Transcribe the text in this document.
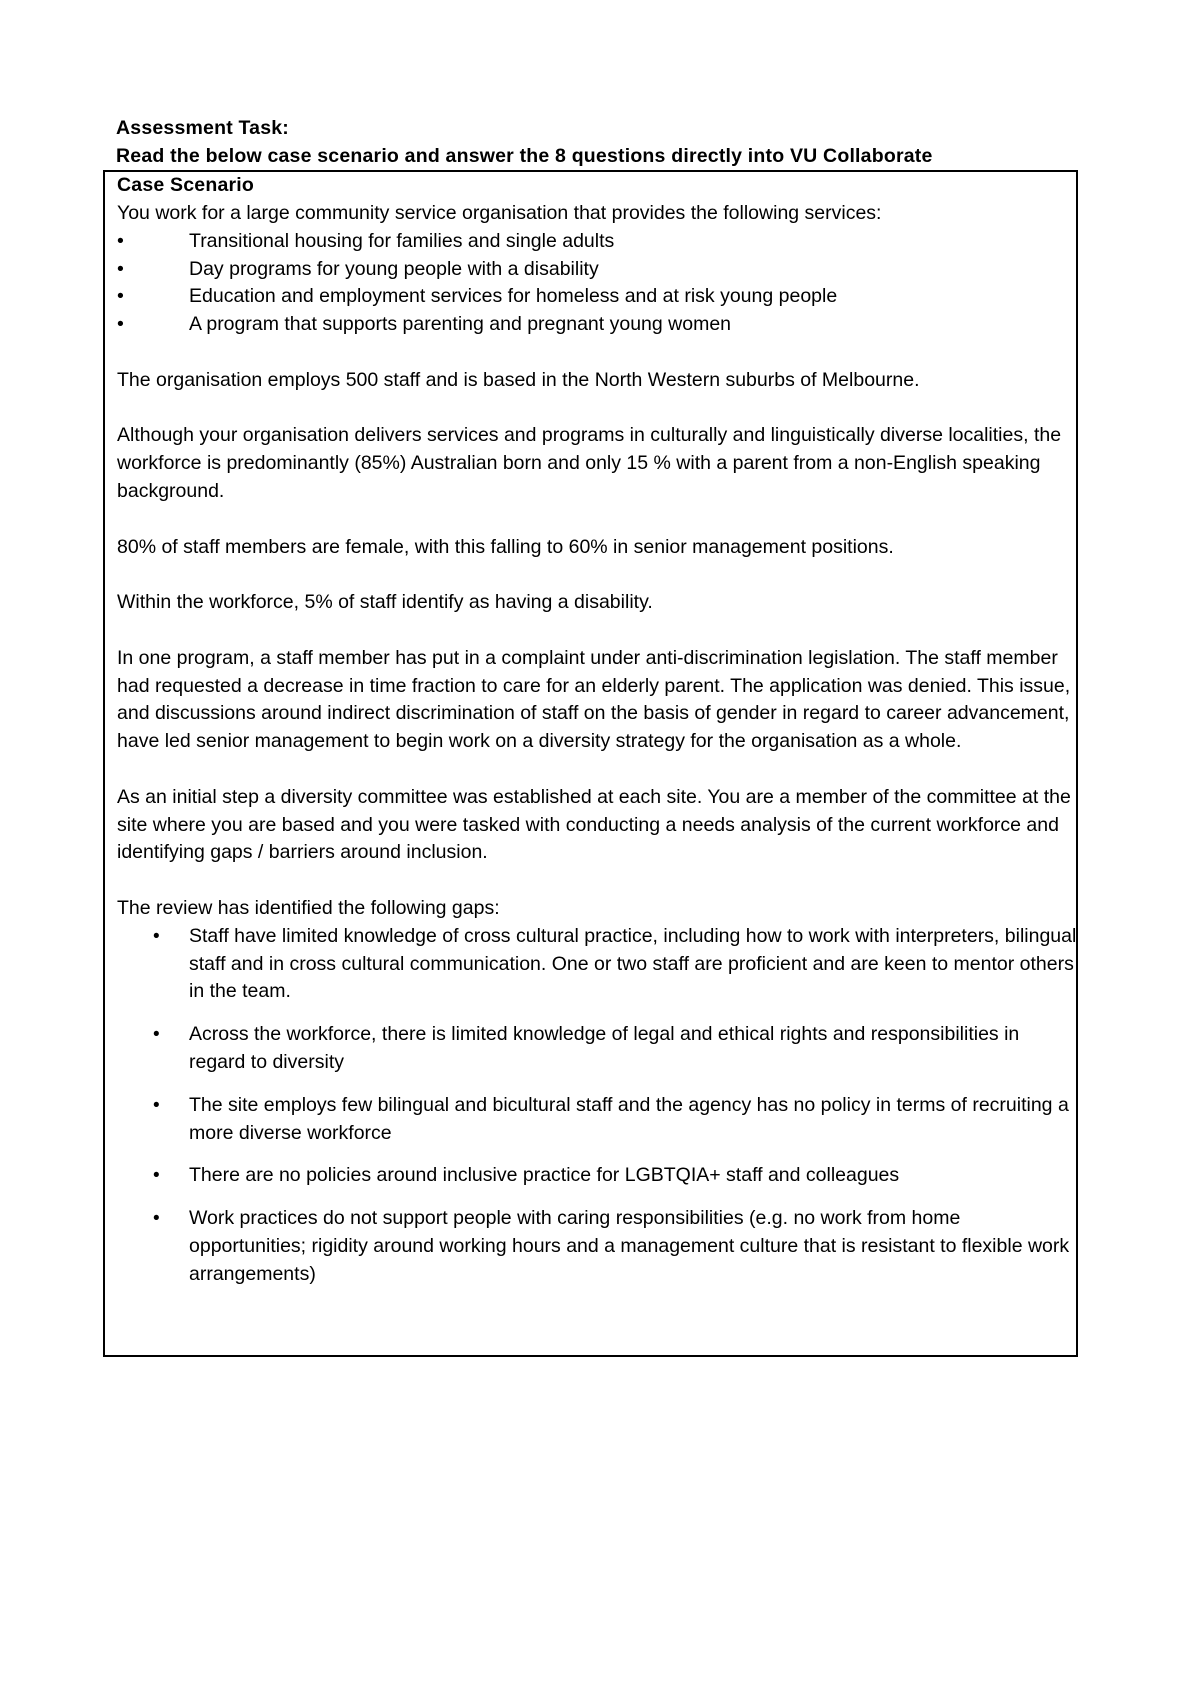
Assessment Task:
Read the below case scenario and answer the 8 questions directly into VU Collaborate
Case Scenario

You work for a large community service organisation that provides the following services:

•	Transitional housing for families and single adults
•	Day programs for young people with a disability
•	Education and employment services for homeless and at risk young people
•	A program that supports parenting and pregnant young women

The organisation employs 500 staff and is based in the North Western suburbs of Melbourne.

Although your organisation delivers services and programs in culturally and linguistically diverse localities, the workforce is predominantly (85%) Australian born and only 15 % with a parent from a non-English speaking background.

80% of staff members are female, with this falling to 60% in senior management positions.

Within the workforce, 5% of staff identify as having a disability.

In one program, a staff member has put in a complaint under anti-discrimination legislation. The staff member had requested a decrease in time fraction to care for an elderly parent. The application was denied. This issue, and discussions around indirect discrimination of staff on the basis of gender in regard to career advancement, have led senior management to begin work on a diversity strategy for the organisation as a whole.

As an initial step a diversity committee was established at each site. You are a member of the committee at the site where you are based and you were tasked with conducting a needs analysis of the current workforce and identifying gaps / barriers around inclusion.

The review has identified the following gaps:

• Staff have limited knowledge of cross cultural practice, including how to work with interpreters, bilingual staff and in cross cultural communication. One or two staff are proficient and are keen to mentor others in the team.
• Across the workforce, there is limited knowledge of legal and ethical rights and responsibilities in regard to diversity
• The site employs few bilingual and bicultural staff and the agency has no policy in terms of recruiting a more diverse workforce
• There are no policies around inclusive practice for LGBTQIA+ staff and colleagues
• Work practices do not support people with caring responsibilities (e.g. no work from home opportunities; rigidity around working hours and a management culture that is resistant to flexible work arrangements)
